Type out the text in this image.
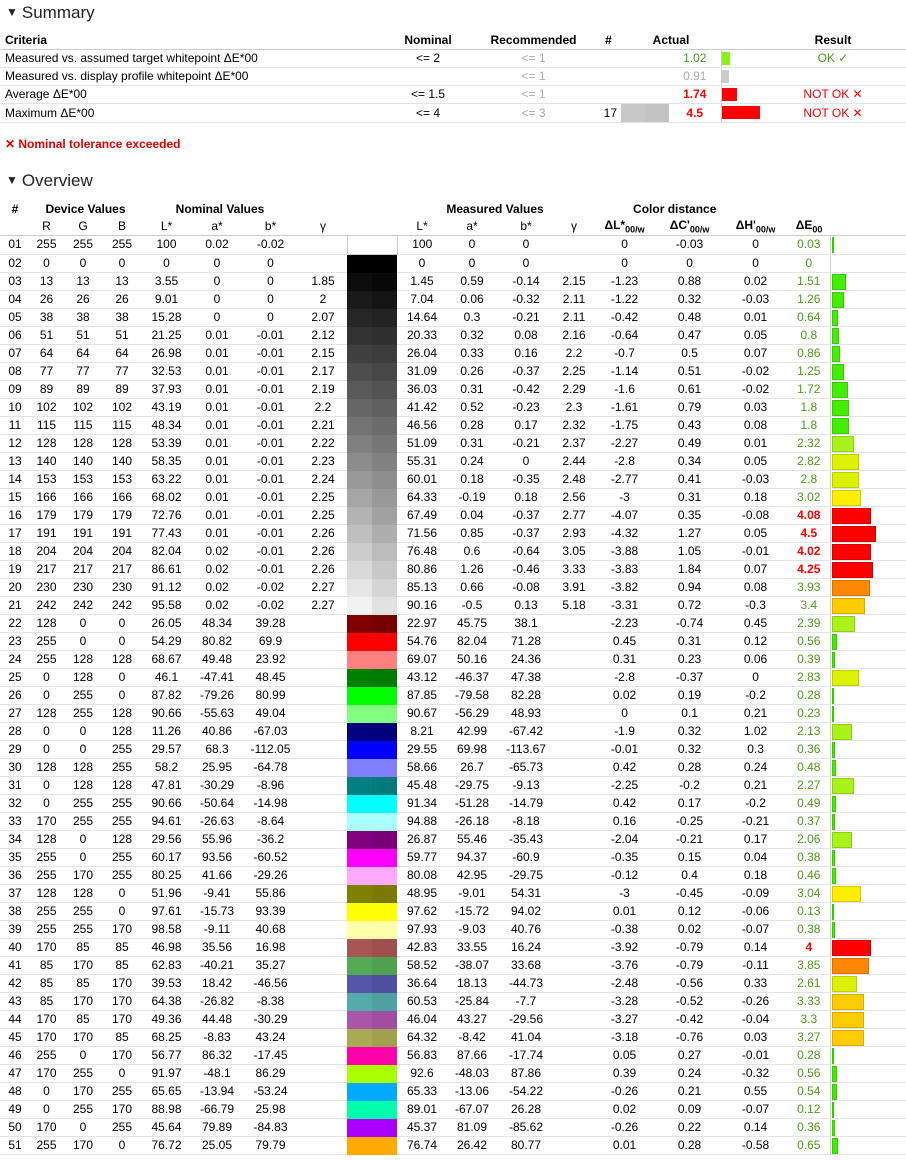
▼ Summary
Criteria	Nominal	Recommended	#	Actual			Result
Measured vs. assumed target whitepoint ΔE*00	<= 2	<= 1			1.02		OK ✓
Measured vs. display profile whitepoint ΔE*00		<= 1			0.91	

Average ΔE*00	<= 1.5	<= 1			1.74		NOT OK ✕
Maximum ΔE*00	<= 4	<= 3	17		4.5		NOT OK ✕
✕ Nominal tolerance exceeded
▼ Overview
#	Device Values			Nominal Values					Measured Values				Color distance				
	R	G	B	L*	a*	b*	γ		L*	a*	b*	γ	$\Delta L*_{00/w}$	$\Delta C'_{00/w}$	$\Delta H'_{00/w}$	$\Delta E_{00}$	
01	255	255	255	100	0.02	-0.02			100	0	0		0	-0.03	0	0.03	

02	0	0	0	0	0	0			0	0	0		0	0	0	0	
03	13	13	13	3.55	0	0	1.85		1.45	0.59	-0.14	2.15	-1.23	0.88	0.02	1.51	

04	26	26	26	9.01	0	0	2		7.04	0.06	-0.32	2.11	-1.22	0.32	-0.03	1.26	

05	38	38	38	15.28	0	0	2.07		14.64	0.3	-0.21	2.11	-0.42	0.48	0.01	0.64	

06	51	51	51	21.25	0.01	-0.01	2.12		20.33	0.32	0.08	2.16	-0.64	0.47	0.05	0.8	

07	64	64	64	26.98	0.01	-0.01	2.15		26.04	0.33	0.16	2.2	-0.7	0.5	0.07	0.86	

08	77	77	77	32.53	0.01	-0.01	2.17		31.09	0.26	-0.37	2.25	-1.14	0.51	-0.02	1.25	

09	89	89	89	37.93	0.01	-0.01	2.19		36.03	0.31	-0.42	2.29	-1.6	0.61	-0.02	1.72	

10	102	102	102	43.19	0.01	-0.01	2.2		41.42	0.52	-0.23	2.3	-1.61	0.79	0.03	1.8	

11	115	115	115	48.34	0.01	-0.01	2.21		46.56	0.28	0.17	2.32	-1.75	0.43	0.08	1.8	

12	128	128	128	53.39	0.01	-0.01	2.22		51.09	0.31	-0.21	2.37	-2.27	0.49	0.01	2.32	

13	140	140	140	58.35	0.01	-0.01	2.23		55.31	0.24	0	2.44	-2.8	0.34	0.05	2.82	

14	153	153	153	63.22	0.01	-0.01	2.24		60.01	0.18	-0.35	2.48	-2.77	0.41	-0.03	2.8	

15	166	166	166	68.02	0.01	-0.01	2.25		64.33	-0.19	0.18	2.56	-3	0.31	0.18	3.02	

16	179	179	179	72.76	0.01	-0.01	2.25		67.49	0.04	-0.37	2.77	-4.07	0.35	-0.08	4.08	

17	191	191	191	77.43	0.01	-0.01	2.26		71.56	0.85	-0.37	2.93	-4.32	1.27	0.05	4.5	

18	204	204	204	82.04	0.02	-0.01	2.26		76.48	0.6	-0.64	3.05	-3.88	1.05	-0.01	4.02	

19	217	217	217	86.61	0.02	-0.01	2.26		80.86	1.26	-0.46	3.33	-3.83	1.84	0.07	4.25	

20	230	230	230	91.12	0.02	-0.02	2.27		85.13	0.66	-0.08	3.91	-3.82	0.94	0.08	3.93	

21	242	242	242	95.58	0.02	-0.02	2.27		90.16	-0.5	0.13	5.18	-3.31	0.72	-0.3	3.4	

22	128	0	0	26.05	48.34	39.28			22.97	45.75	38.1		-2.23	-0.74	0.45	2.39	

23	255	0	0	54.29	80.82	69.9			54.76	82.04	71.28		0.45	0.31	0.12	0.56	

24	255	128	128	68.67	49.48	23.92			69.07	50.16	24.36		0.31	0.23	0.06	0.39	

25	0	128	0	46.1	-47.41	48.45			43.12	-46.37	47.38		-2.8	-0.37	0	2.83	

26	0	255	0	87.82	-79.26	80.99			87.85	-79.58	82.28		0.02	0.19	-0.2	0.28	

27	128	255	128	90.66	-55.63	49.04			90.67	-56.29	48.93		0	0.1	0.21	0.23	

28	0	0	128	11.26	40.86	-67.03			8.21	42.99	-67.42		-1.9	0.32	1.02	2.13	

29	0	0	255	29.57	68.3	-112.05			29.55	69.98	-113.67		-0.01	0.32	0.3	0.36	

30	128	128	255	58.2	25.95	-64.78			58.66	26.7	-65.73		0.42	0.28	0.24	0.48	

31	0	128	128	47.81	-30.29	-8.96			45.48	-29.75	-9.13		-2.25	-0.2	0.21	2.27	

32	0	255	255	90.66	-50.64	-14.98			91.34	-51.28	-14.79		0.42	0.17	-0.2	0.49	

33	170	255	255	94.61	-26.63	-8.64			94.88	-26.18	-8.18		0.16	-0.25	-0.21	0.37	

34	128	0	128	29.56	55.96	-36.2			26.87	55.46	-35.43		-2.04	-0.21	0.17	2.06	

35	255	0	255	60.17	93.56	-60.52			59.77	94.37	-60.9		-0.35	0.15	0.04	0.38	

36	255	170	255	80.25	41.66	-29.26			80.08	42.95	-29.75		-0.12	0.4	0.18	0.46	

37	128	128	0	51.96	-9.41	55.86			48.95	-9.01	54.31		-3	-0.45	-0.09	3.04	

38	255	255	0	97.61	-15.73	93.39			97.62	-15.72	94.02		0.01	0.12	-0.06	0.13	

39	255	255	170	98.58	-9.11	40.68			97.93	-9.03	40.76		-0.38	0.02	-0.07	0.38	

40	170	85	85	46.98	35.56	16.98			42.83	33.55	16.24		-3.92	-0.79	0.14	4	

41	85	170	85	62.83	-40.21	35.27			58.52	-38.07	33.68		-3.76	-0.79	-0.11	3.85	

42	85	85	170	39.53	18.42	-46.56			36.64	18.13	-44.73		-2.48	-0.56	0.33	2.61	

43	85	170	170	64.38	-26.82	-8.38			60.53	-25.84	-7.7		-3.28	-0.52	-0.26	3.33	

44	170	85	170	49.36	44.48	-30.29			46.04	43.27	-29.56		-3.27	-0.42	-0.04	3.3	

45	170	170	85	68.25	-8.83	43.24			64.32	-8.42	41.04		-3.18	-0.76	0.03	3.27	

46	255	0	170	56.77	86.32	-17.45			56.83	87.66	-17.74		0.05	0.27	-0.01	0.28	

47	170	255	0	91.97	-48.1	86.29			92.6	-48.03	87.86		0.39	0.24	-0.32	0.56	

48	0	170	255	65.65	-13.94	-53.24			65.33	-13.06	-54.22		-0.26	0.21	0.55	0.54	

49	0	255	170	88.98	-66.79	25.98			89.01	-67.07	26.28		0.02	0.09	-0.07	0.12	

50	170	0	255	45.64	79.89	-84.83			45.37	81.09	-85.62		-0.26	0.22	0.14	0.36	

51	255	170	0	76.72	25.05	79.79			76.74	26.42	80.77		0.01	0.28	-0.58	0.65	
